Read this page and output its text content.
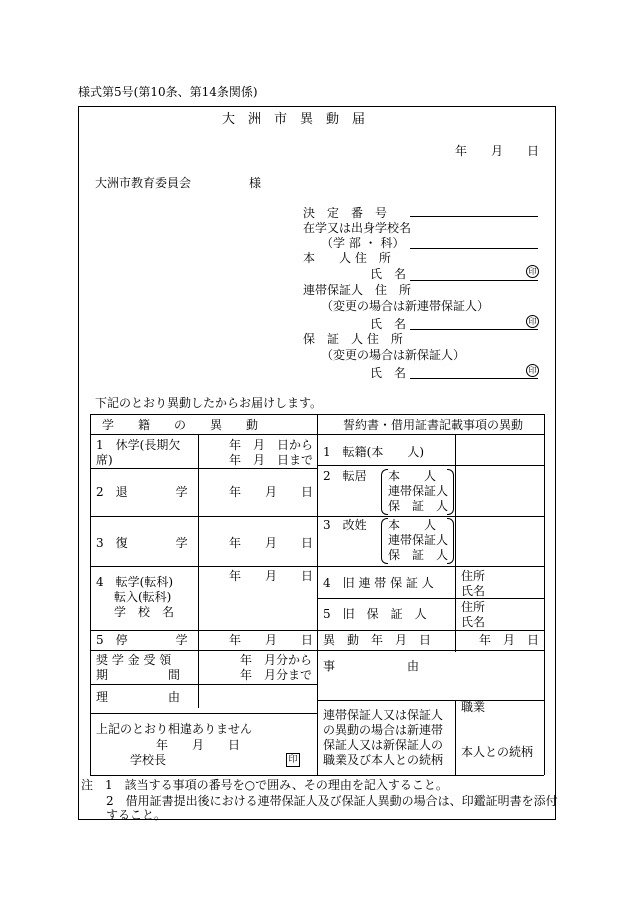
様式第5号(第10条、第14条関係)
大　洲　市　異　動　届
年　　月　　日
大洲市教育委員会	様
決　定　番　号
在学又は出身学校名
（学 部 ・ 科）
本　　人 住　所
氏　名	印
連帯保証人　住　所
（変更の場合は新連帯保証人）
氏　名	印
保　証　人 住　所
（変更の場合は新保証人）
氏　名	印
下記のとおり異動したからお届けします。
学　　籍　　の　　異　　動
1　休学(長期欠
席)
年　月　日から
年　月　日まで
2　退　　　　学	年　　月　　日
3　復　　　　学	年　　月　　日
4　転学(転科)
転入(転科)
学　校　名
年　　月　　日
5　停　　　　学	年　　月　　日
奨 学 金 受 領
期　　　　　間
年　月分から
年　月分まで
理　　　　　由
上記のとおり相違ありません
年　　月　　日
学校長	印
誓約書・借用証書記載事項の異動
1　転籍(本　　人)
2　転居 本　　人
連帯保証人
保　証　人
3　改姓 本　　人
連帯保証人
保　証　人
4　旧 連 帯 保 証 人 住所
氏名
5　旧　保　証　人	住所
氏名
異　動　年　月　日	年　月　日
事　　　　　　由
連帯保証人又は保証人
の異動の場合は新連帯
保証人又は新保証人の
職業及び本人との続柄
職業
本人との続柄
注　1　該当する事項の番号を○で囲み、その理由を記入すること。
2　借用証書提出後における連帯保証人及び保証人異動の場合は、印鑑証明書を添付
すること。
